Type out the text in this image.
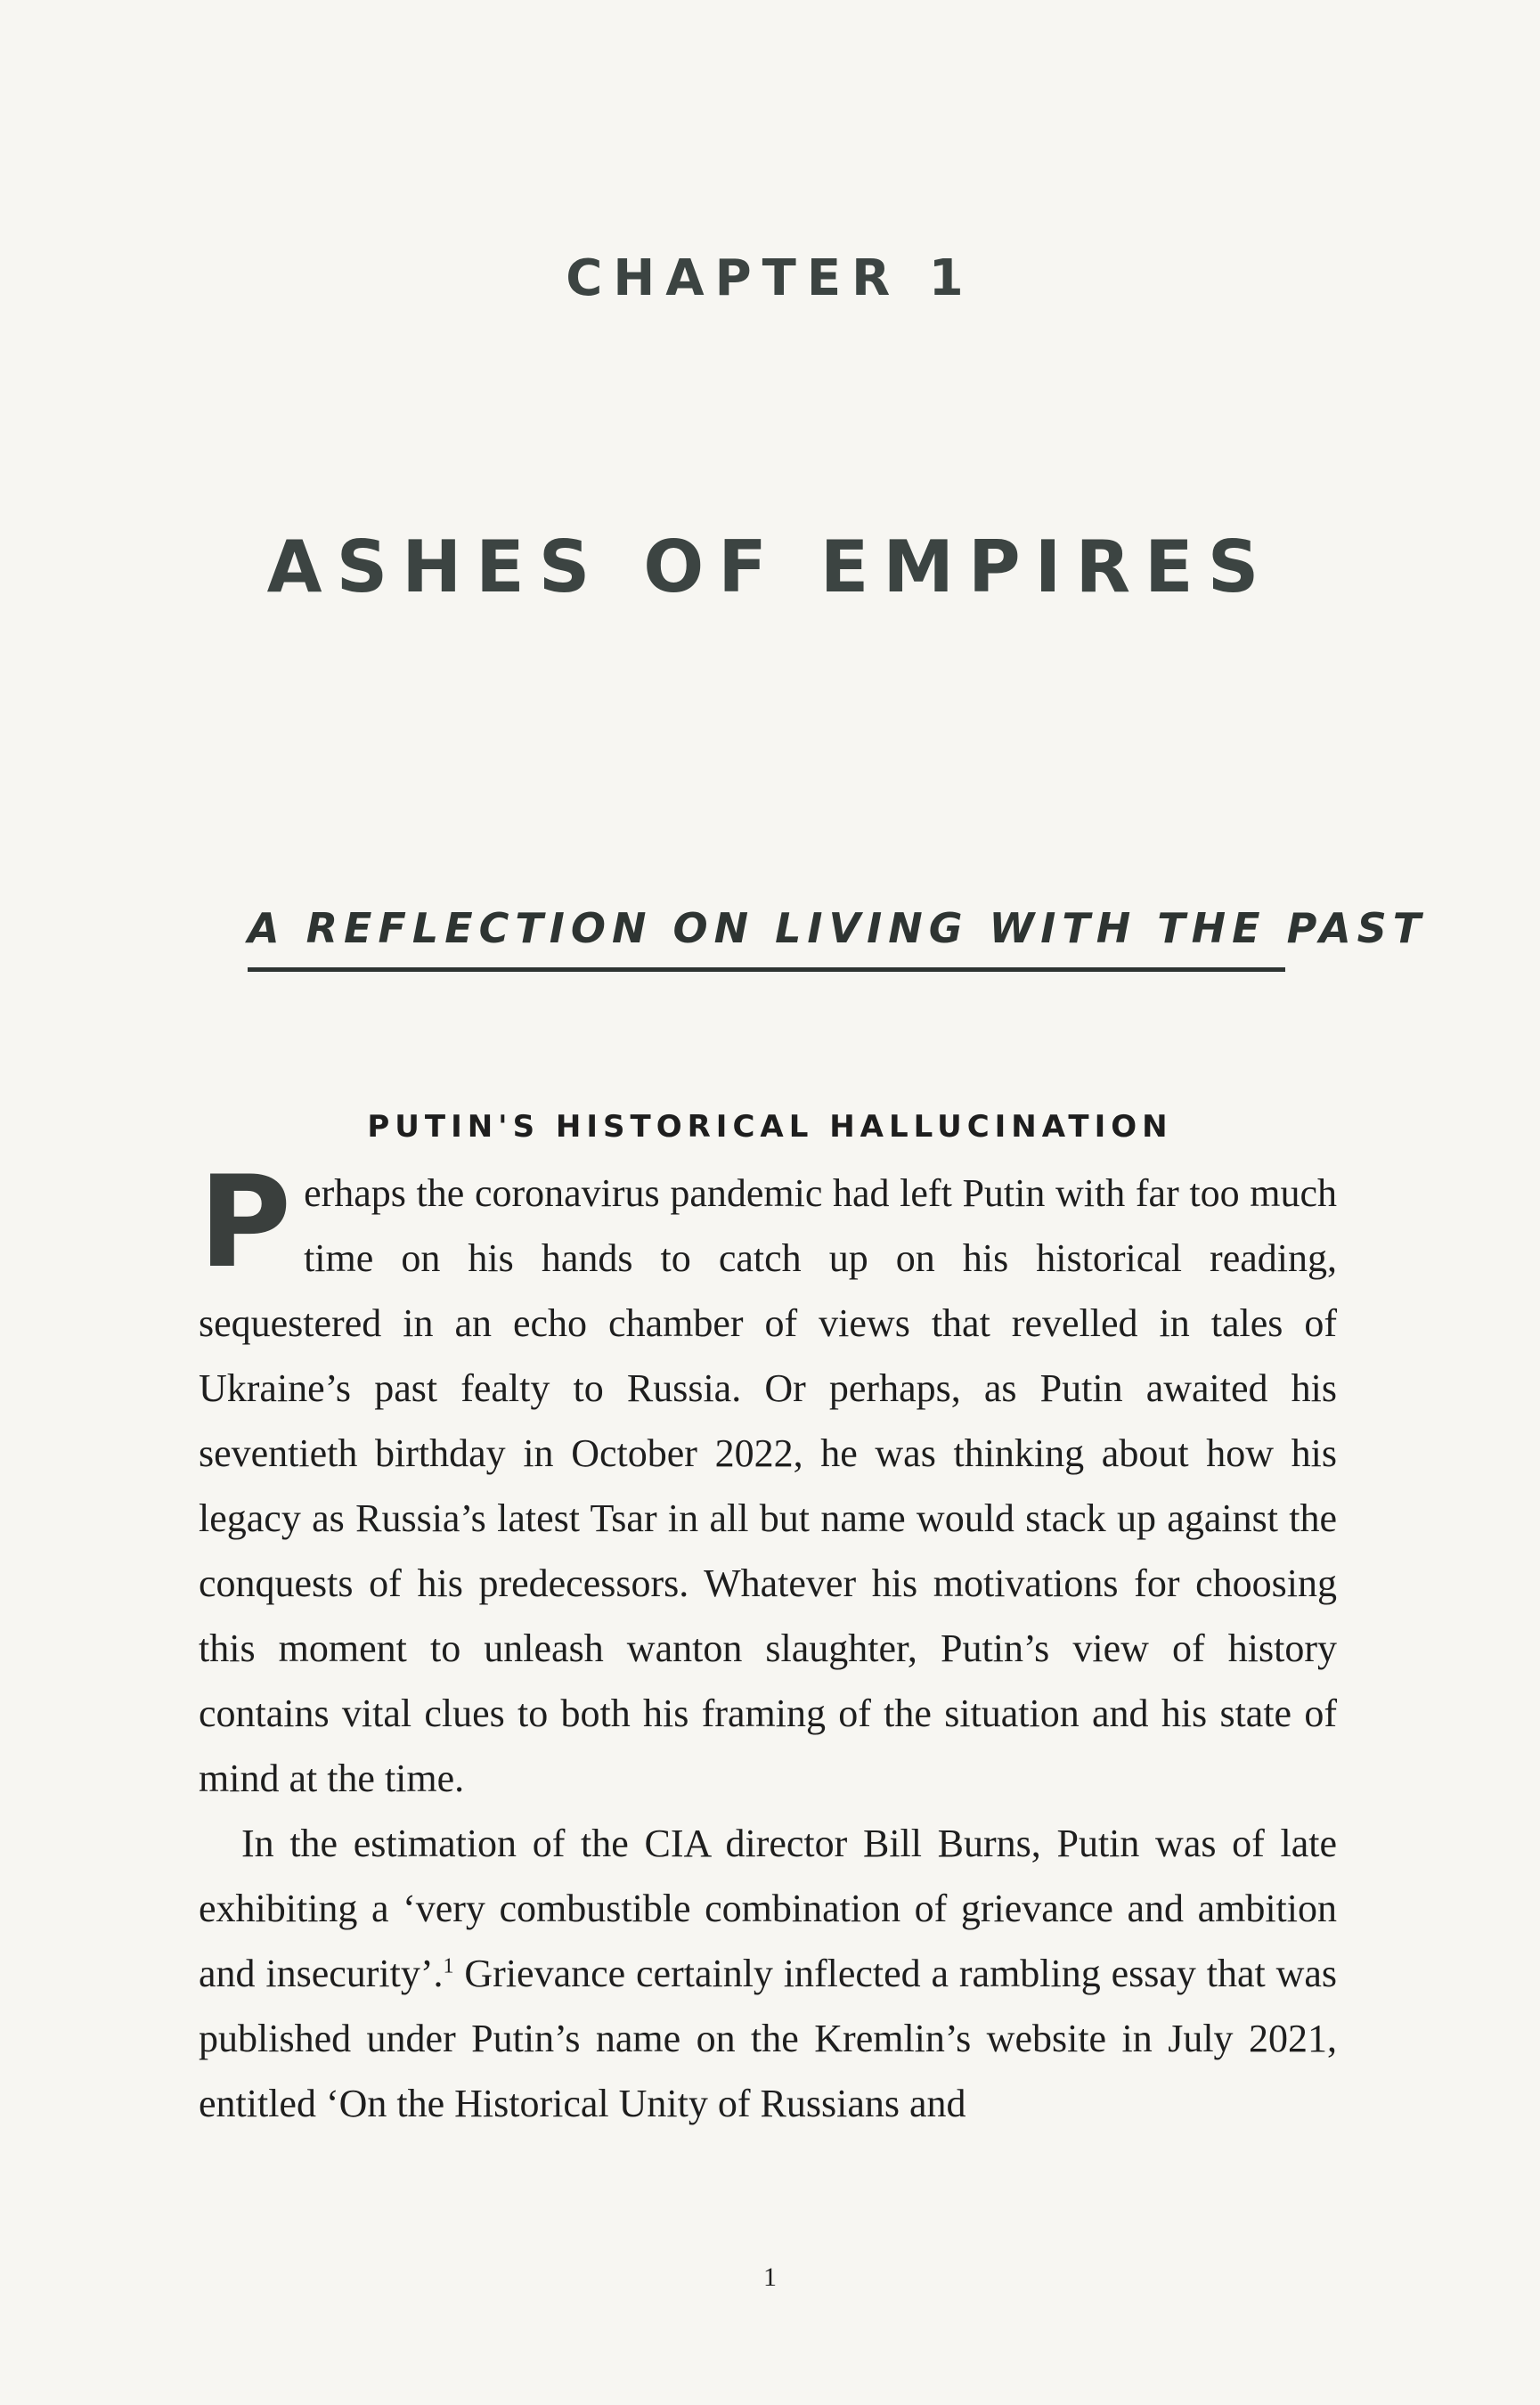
CHAPTER 1
ASHES OF EMPIRES
A REFLECTION ON LIVING WITH THE PAST
PUTIN'S HISTORICAL HALLUCINATION

Perhaps the coronavirus pandemic had left Putin with far too much time on his hands to catch up on his historical reading, sequestered in an echo chamber of views that revelled in tales of Ukraine’s past fealty to Russia. Or perhaps, as Putin awaited his seventieth birthday in October 2022, he was thinking about how his legacy as Russia’s latest Tsar in all but name would stack up against the conquests of his predecessors. Whatever his motivations for choosing this moment to unleash wanton slaughter, Putin’s view of history contains vital clues to both his framing of the situation and his state of mind at the time.

In the estimation of the CIA director Bill Burns, Putin was of late exhibiting a ‘very combustible combination of grievance and ambition and insecurity’.$^1$ Grievance certainly inflected a rambling essay that was published under Putin’s name on the Kremlin’s website in July 2021, entitled ‘On the Historical Unity of Russians and

1
